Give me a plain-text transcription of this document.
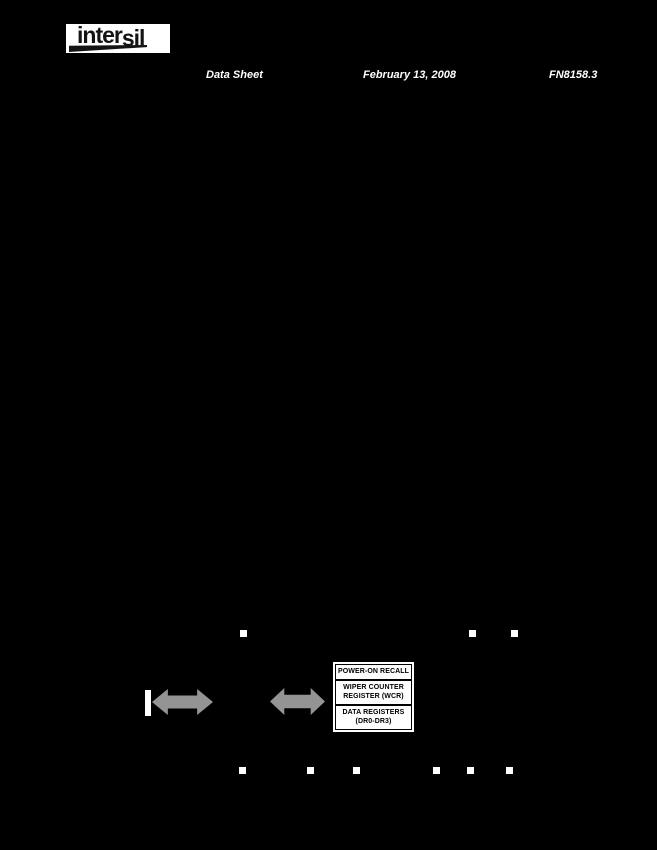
intersil
Data Sheet	February 13, 2008	FN8158.3
POWER-ON RECALL
WIPER COUNTER
REGISTER (WCR)
DATA REGISTERS
(DR0-DR3)
